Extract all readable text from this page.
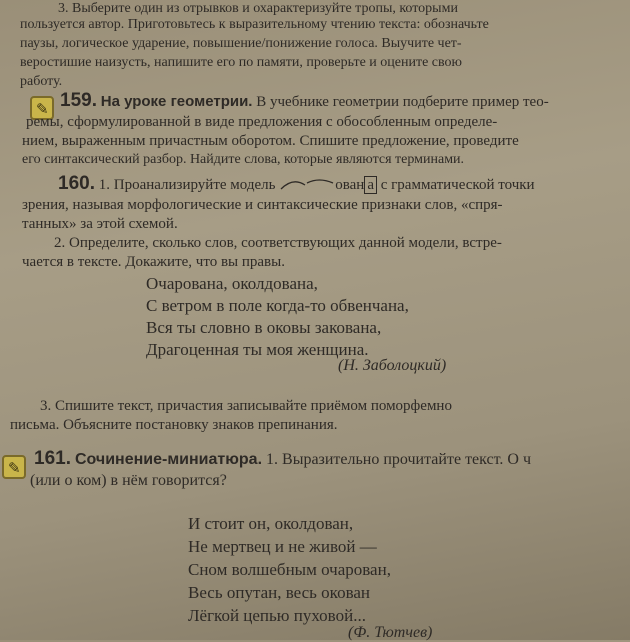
3. Выберите один из отрывков и охарактеризуйте тропы, которыми
пользуется автор. Приготовьтесь к выразительному чтению текста: обозначьте
паузы, логическое ударение, повышение/понижение голоса. Выучите чет-
веростишие наизусть, напишите его по памяти, проверьте и оцените свою
работу.
✎ 159. На уроке геометрии. В учебнике геометрии подберите пример тео-
ремы, сформулированной в виде предложения с обособленным определе-
нием, выраженным причастным оборотом. Спишите предложение, проведите
его синтаксический разбор. Найдите слова, которые являются терминами.
160. 1. Проанализируйте модель	ован а с грамматической точки
зрения, называя морфологические и синтаксические признаки слов, «спря-
танных» за этой схемой.
2. Определите, сколько слов, соответствующих данной модели, встре-
чается в тексте. Докажите, что вы правы.
Очарована, околдована,
С ветром в поле когда-то обвенчана,
Вся ты словно в оковы закована,
Драгоценная ты моя женщина.
(Н. Заболоцкий)
3. Спишите текст, причастия записывайте приёмом поморфемно
письма. Объясните постановку знаков препинания.
✎ 161. Сочинение-миниатюра. 1. Выразительно прочитайте текст. О ч
(или о ком) в нём говорится?
И стоит он, околдован,
Не мертвец и не живой —
Сном волшебным очарован,
Весь опутан, весь окован
Лёгкой цепью пуховой...
(Ф. Тютчев)
